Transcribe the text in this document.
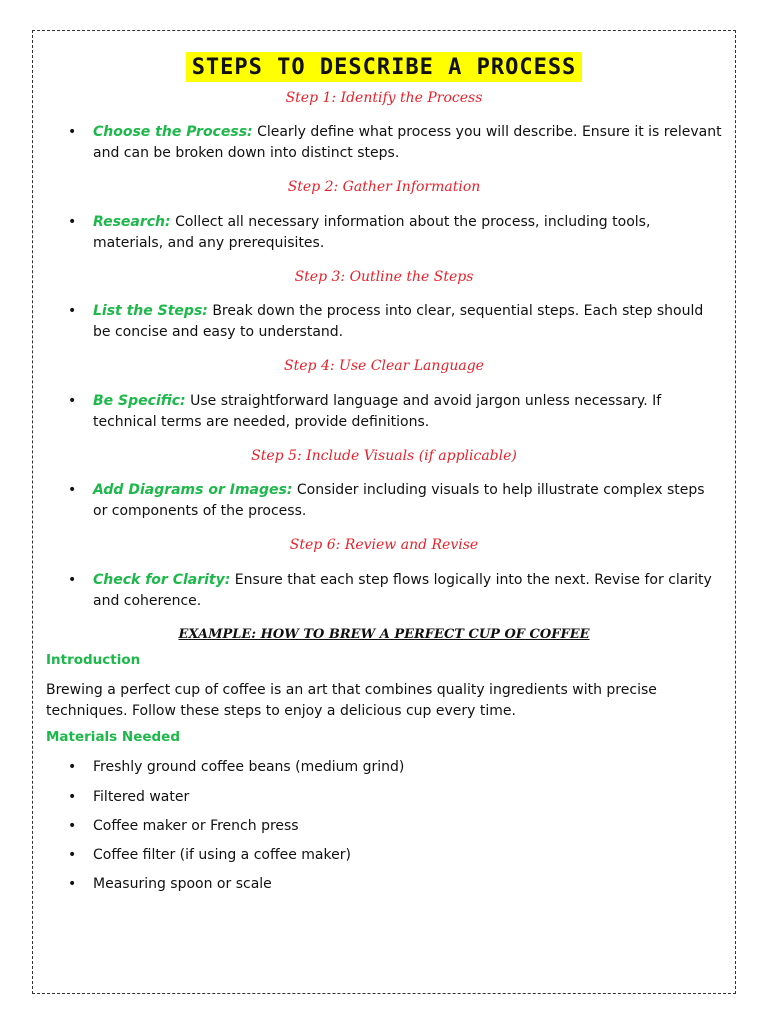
STEPS TO DESCRIBE A PROCESS
Step 1: Identify the Process
• Choose the Process: Clearly define what process you will describe. Ensure it is relevant and can be broken down into distinct steps.
Step 2: Gather Information
• Research: Collect all necessary information about the process, including tools, materials, and any prerequisites.
Step 3: Outline the Steps
• List the Steps: Break down the process into clear, sequential steps. Each step should be concise and easy to understand.
Step 4: Use Clear Language
• Be Specific: Use straightforward language and avoid jargon unless necessary. If technical terms are needed, provide definitions.
Step 5: Include Visuals (if applicable)
• Add Diagrams or Images: Consider including visuals to help illustrate complex steps or components of the process.
Step 6: Review and Revise
• Check for Clarity: Ensure that each step flows logically into the next. Revise for clarity and coherence.
EXAMPLE: HOW TO BREW A PERFECT CUP OF COFFEE
Introduction
Brewing a perfect cup of coffee is an art that combines quality ingredients with precise techniques. Follow these steps to enjoy a delicious cup every time.
Materials Needed
• Freshly ground coffee beans (medium grind)
• Filtered water
• Coffee maker or French press
• Coffee filter (if using a coffee maker)
• Measuring spoon or scale
